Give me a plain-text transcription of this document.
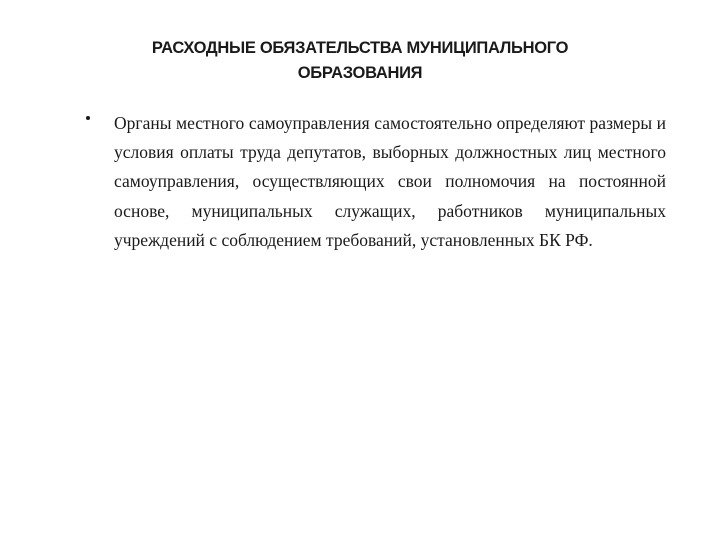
РАСХОДНЫЕ ОБЯЗАТЕЛЬСТВА МУНИЦИПАЛЬНОГО
ОБРАЗОВАНИЯ
Органы местного самоуправления самостоятельно определяют размеры и условия оплаты труда депутатов, выборных должностных лиц местного самоуправления, осуществляющих свои полномочия на постоянной основе, муниципальных служащих, работников муниципальных учреждений с соблюдением требований, установленных БК РФ.
